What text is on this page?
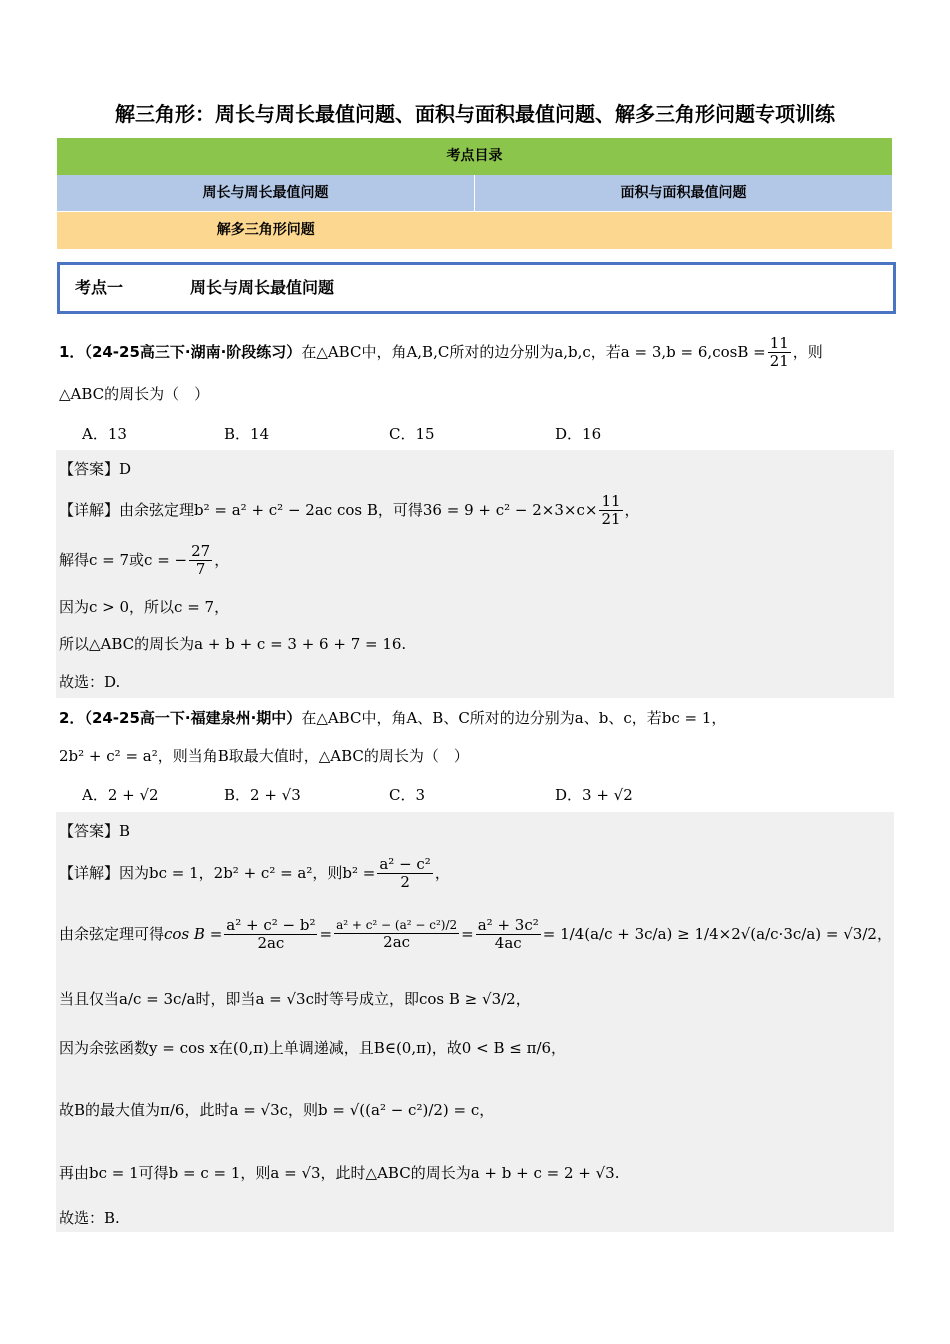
解三角形：周长与周长最值问题、面积与面积最值问题、解多三角形问题专项训练
考点目录
周长与周长最值问题	面积与面积最值问题
解多三角形问题
考点一	周长与周长最值问题
1．（24-25高三下·湖南·阶段练习）在△ABC中，角A,B,C所对的边分别为a,b,c，若$a = 3,b = 6,\cos B = \frac{11}{21}$ ，则
△ABC的周长为（　）
A．13	B．14	C．15	D．16
【答案】D
【详解】由余弦定理b² = a² + c² − 2ac cos B，可得$36 = 9 + c^2 - 2\times 3\times c\times \frac{11}{21}$ ，
解得c = 7或c = − $\frac{27}{7}$ ，
因为c > 0，所以c = 7，
所以△ABC的周长为a + b + c = 3 + 6 + 7 = 16.
故选：D.
2．（24-25高一下·福建泉州·期中）在△ABC中，角A、B、C所对的边分别为a、b、c，若bc = 1，
2b² + c² = a²，则当角B取最大值时，△ABC的周长为（　）
A．2 + √2	B．2 + √3	C．3	D．3 + √2
【答案】B
【详解】因为bc = 1，2b² + c² = a²，则$b^2 = \frac{\text{a² − c²}}{2}$ ，
由余弦定理可得$\cos B = \frac{\text{a² + c² − b²}}{2ac} = \frac{\text{a² + c² − (a² − c²)/2}}{2ac} = \frac{\text{a² + 3c²}}{4ac} = 1/4(a/c + 3c/a) \ge 1/4\times 2√(a/c\cdot 3c/a) = √3/2$，
当且仅当a/c = 3c/a时，即当a = √3c时等号成立，即cos B ≥ √3/2，
因为余弦函数y = cos x在(0,π)上单调递减，且B∈(0,π)，故0 < B ≤ π/6，
故B的最大值为π/6，此时a = √3c，则b = √((a² − c²)/2) = c，
再由bc = 1可得b = c = 1，则a = √3，此时△ABC的周长为a + b + c = 2 + √3.
故选：B.
